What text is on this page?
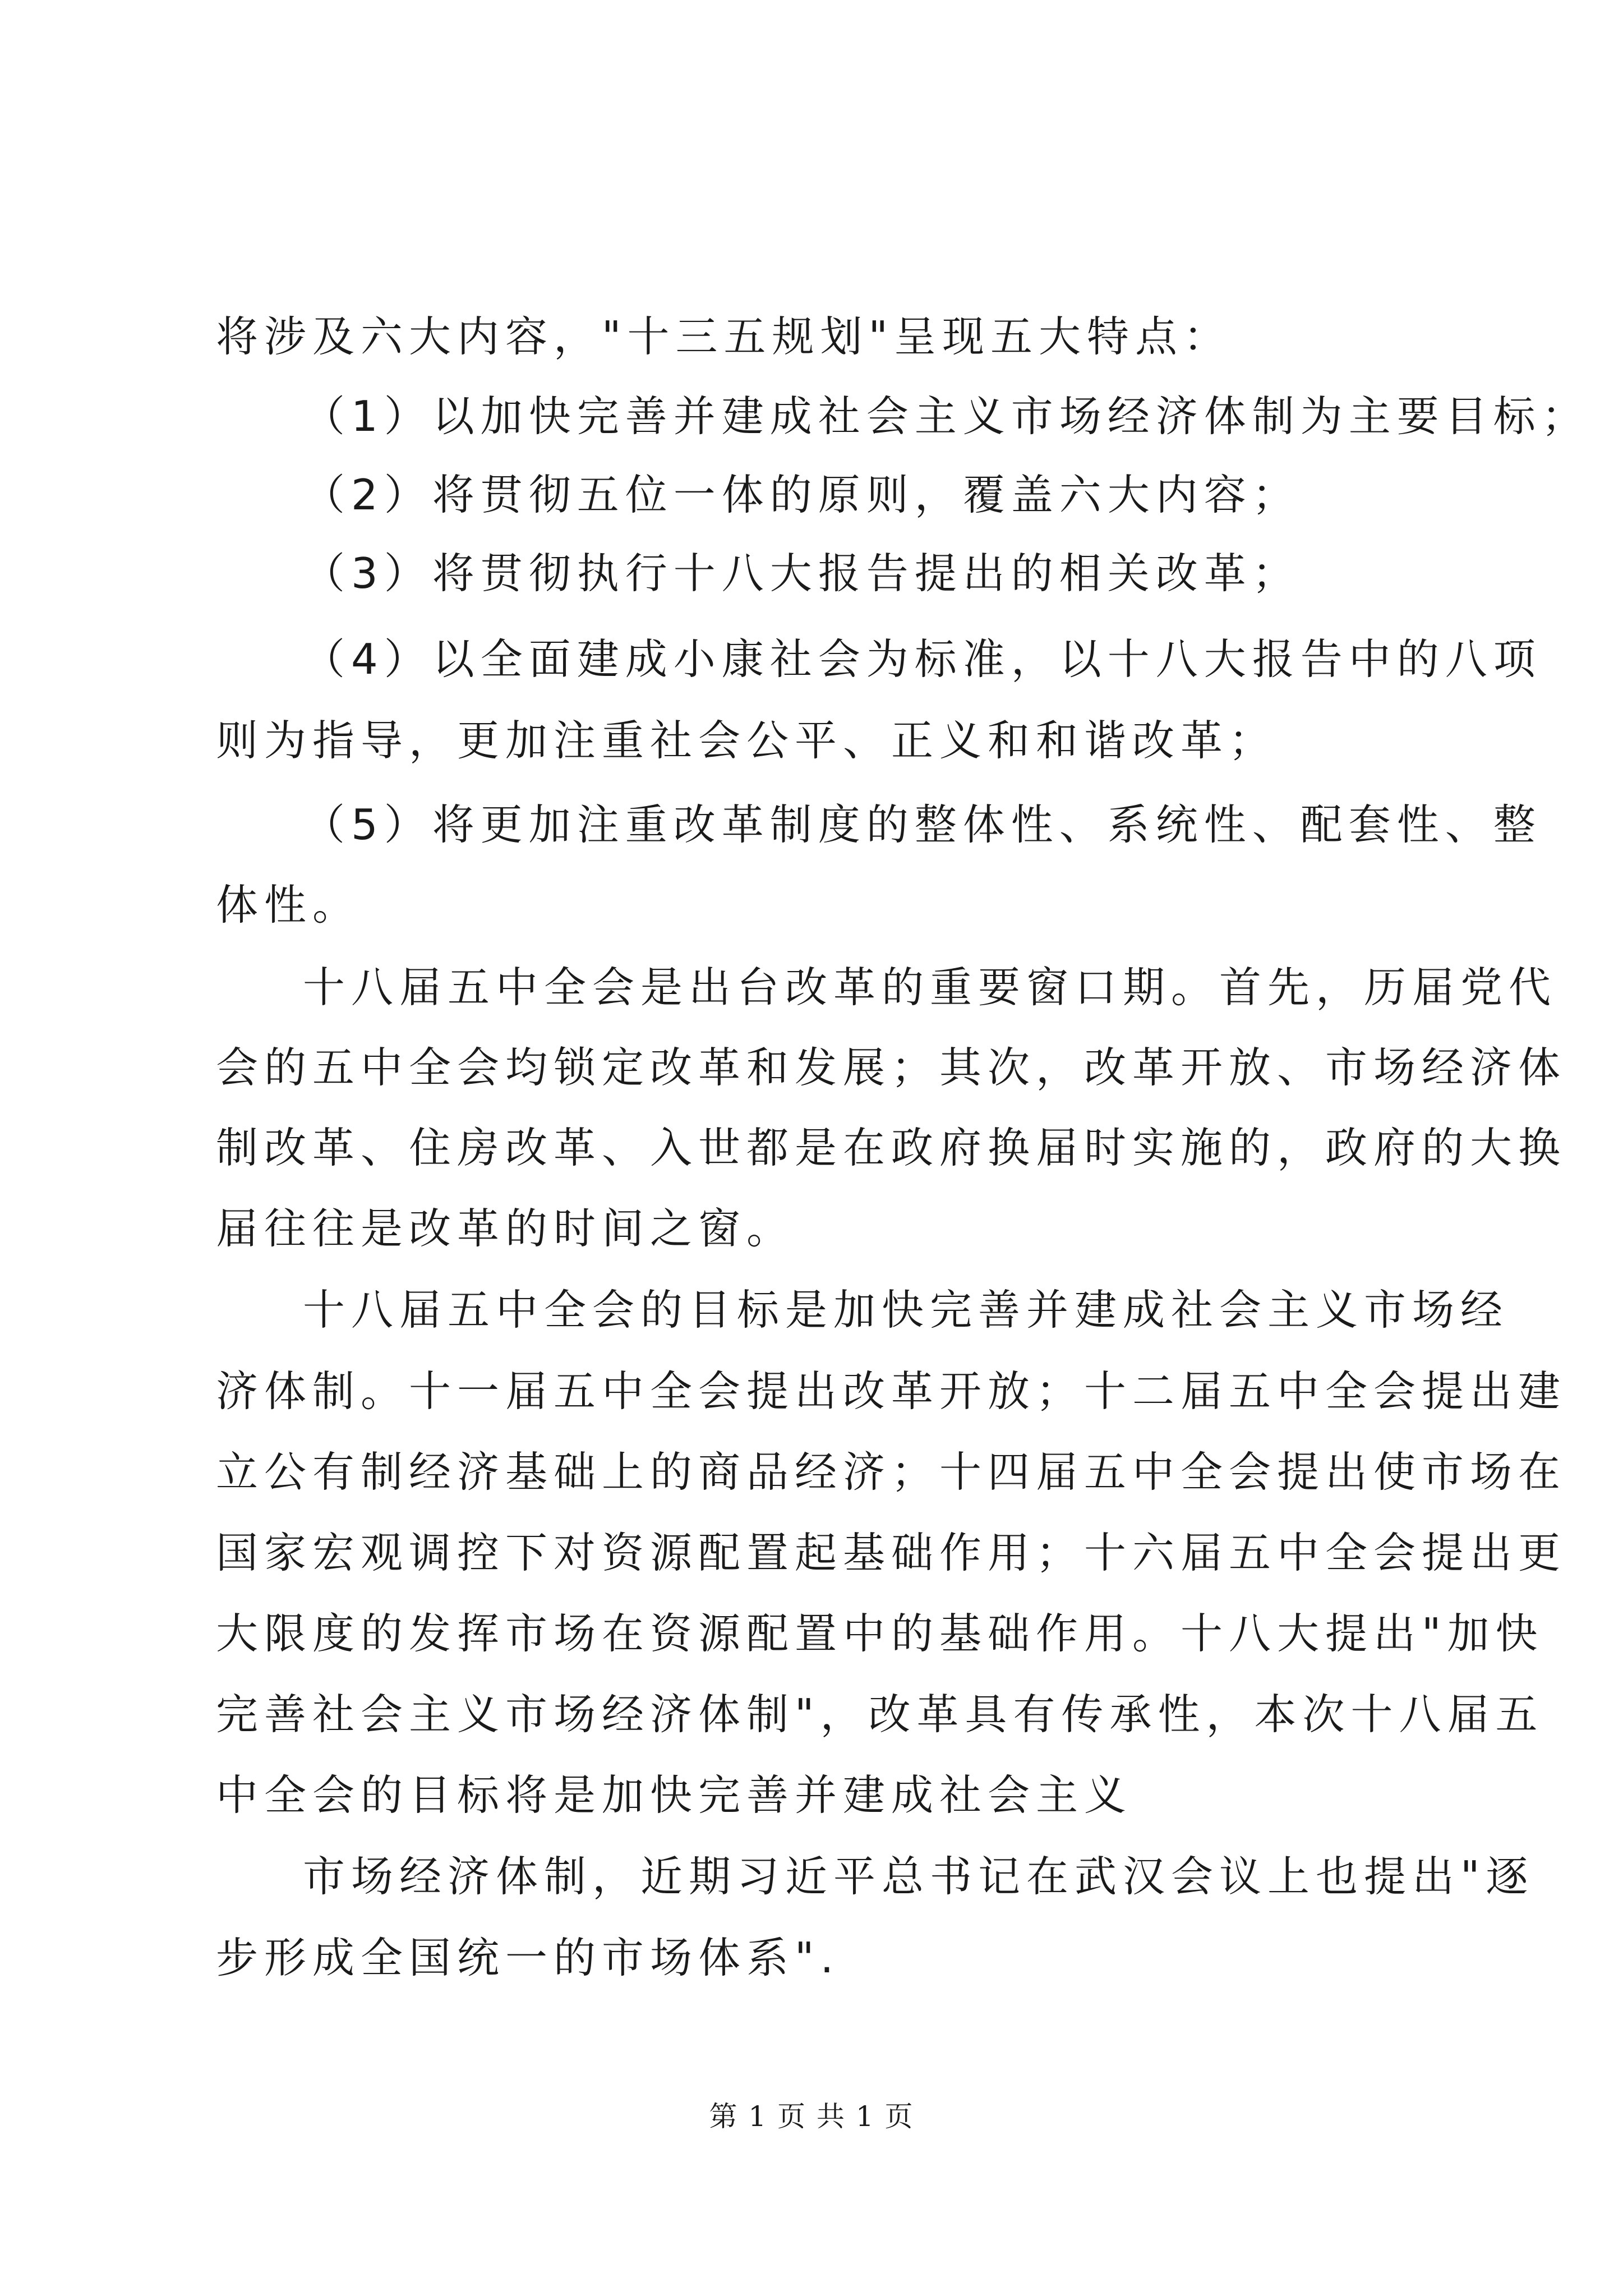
将涉及六大内容，"十三五规划"呈现五大特点：
（1）以加快完善并建成社会主义市场经济体制为主要目标；
（2）将贯彻五位一体的原则，覆盖六大内容；
（3）将贯彻执行十八大报告提出的相关改革；
（4）以全面建成小康社会为标准，以十八大报告中的八项
则为指导，更加注重社会公平、正义和和谐改革；
（5）将更加注重改革制度的整体性、系统性、配套性、整
体性。
十八届五中全会是出台改革的重要窗口期。首先，历届党代
会的五中全会均锁定改革和发展；其次，改革开放、市场经济体
制改革、住房改革、入世都是在政府换届时实施的，政府的大换
届往往是改革的时间之窗。
十八届五中全会的目标是加快完善并建成社会主义市场经
济体制。十一届五中全会提出改革开放；十二届五中全会提出建
立公有制经济基础上的商品经济；十四届五中全会提出使市场在
国家宏观调控下对资源配置起基础作用；十六届五中全会提出更
大限度的发挥市场在资源配置中的基础作用。十八大提出"加快
完善社会主义市场经济体制"，改革具有传承性，本次十八届五
中全会的目标将是加快完善并建成社会主义
市场经济体制，近期习近平总书记在武汉会议上也提出"逐
步形成全国统一的市场体系".
第 1 页 共 1 页
